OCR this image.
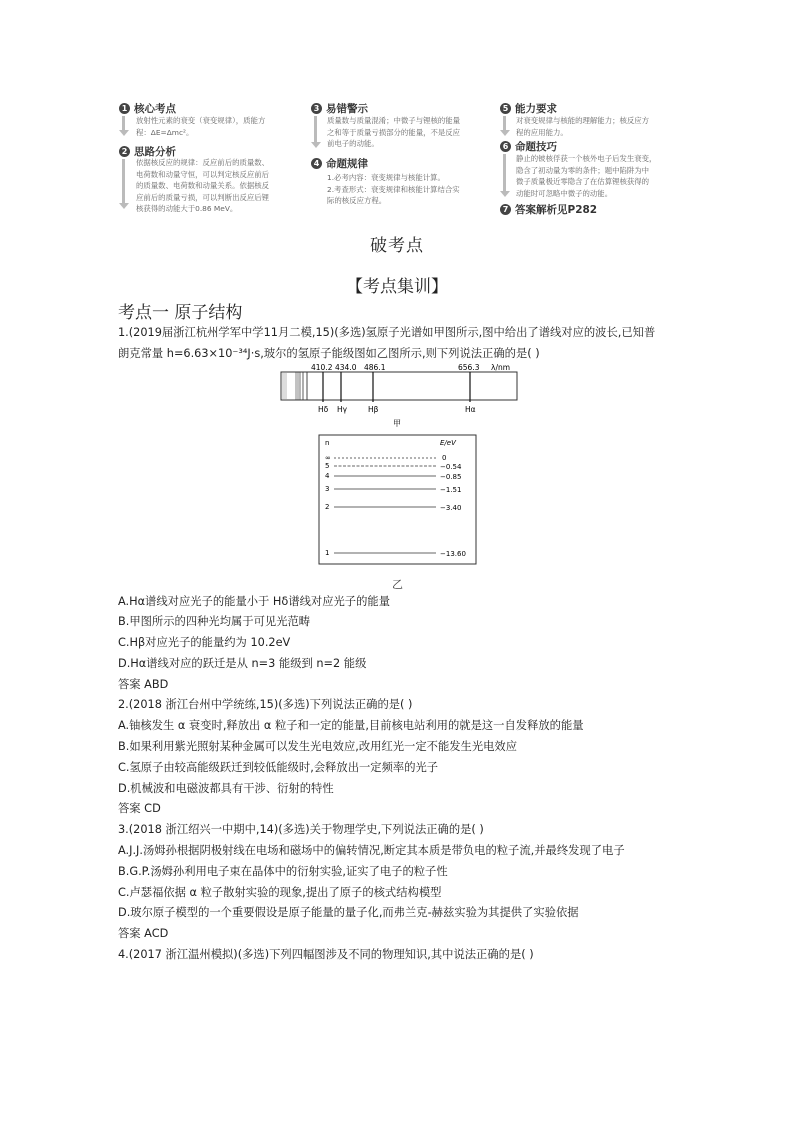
1 核心考点
放射性元素的衰变（衰变规律），质能方
程：ΔE=Δmc²。
2 思路分析
依据核反应的规律：反应前后的质量数、
电荷数和动量守恒，可以判定核反应前后
的质量数、电荷数和动量关系。依据核反
应前后的质量亏损，可以判断出反应后锂
核获得的动能大于0.86 MeV。
3 易错警示
质量数与质量混淆；中微子与锂核的能量
之和等于质量亏损部分的能量，不是反应
前电子的动能。
4 命题规律
1.必考内容：衰变规律与核能计算。
2.考查形式：衰变规律和核能计算结合实
际的核反应方程。
5 能力要求
对衰变规律与核能的理解能力；核反应方
程的应用能力。
6 命题技巧
静止的铍核俘获一个核外电子后发生衰变，
隐含了初动量为零的条件；题中陷阱为中
微子质量极近零隐含了在估算锂核获得的
动能时可忽略中微子的动能。
7 答案解析见P282
破考点
【考点集训】
考点一 原子结构
1.(2019届浙江杭州学军中学11月二模,15)(多选)氢原子光谱如甲图所示,图中给出了谱线对应的波长,已知普
朗克常量 h=6.63×10⁻³⁴J·s,玻尔的氢原子能级图如乙图所示,则下列说法正确的是( )
410.2 434.0 486.1	656.3 λ/nm
Hδ Hγ	Hβ	Hα
甲
n	E/eV
∞	0
5	−0.54
4	−0.85
3	−1.51
2	−3.40
1	−13.60
乙
A.Hα谱线对应光子的能量小于 Hδ谱线对应光子的能量
B.甲图所示的四种光均属于可见光范畴
C.Hβ对应光子的能量约为 10.2eV
D.Hα谱线对应的跃迁是从 n=3 能级到 n=2 能级
答案 ABD
2.(2018 浙江台州中学统练,15)(多选)下列说法正确的是( )
A.铀核发生 α 衰变时,释放出 α 粒子和一定的能量,目前核电站利用的就是这一自发释放的能量
B.如果利用紫光照射某种金属可以发生光电效应,改用红光一定不能发生光电效应
C.氢原子由较高能级跃迁到较低能级时,会释放出一定频率的光子
D.机械波和电磁波都具有干涉、衍射的特性
答案 CD
3.(2018 浙江绍兴一中期中,14)(多选)关于物理学史,下列说法正确的是( )
A.J.J.汤姆孙根据阴极射线在电场和磁场中的偏转情况,断定其本质是带负电的粒子流,并最终发现了电子
B.G.P.汤姆孙利用电子束在晶体中的衍射实验,证实了电子的粒子性
C.卢瑟福依据 α 粒子散射实验的现象,提出了原子的核式结构模型
D.玻尔原子模型的一个重要假设是原子能量的量子化,而弗兰克-赫兹实验为其提供了实验依据
答案 ACD
4.(2017 浙江温州模拟)(多选)下列四幅图涉及不同的物理知识,其中说法正确的是( )
